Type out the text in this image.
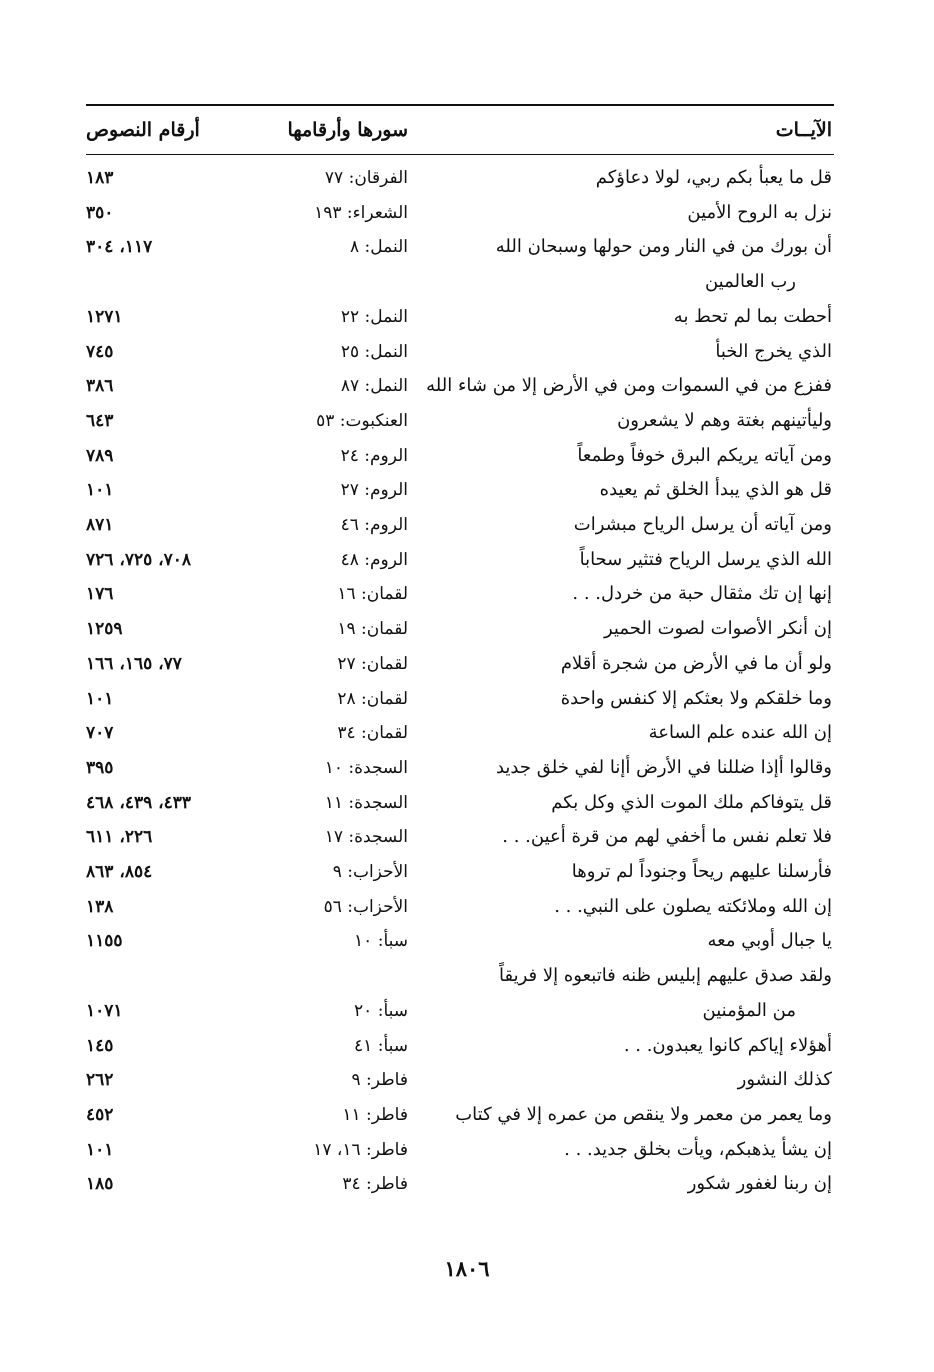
الآيــات
سورها وأرقامها
أرقام النصوص
قل ما يعبأ بكم ربي، لولا دعاؤكم
الفرقان: ٧٧
١٨٣
نزل به الروح الأمين
الشعراء: ١٩٣
٣٥٠
أن بورك من في النار ومن حولها وسبحان الله
رب العالمين
النمل: ٨
١١٧، ٣٠٤
أحطت بما لم تحط به
النمل: ٢٢
١٢٧١
الذي يخرج الخبأ
النمل: ٢٥
٧٤٥
ففزع من في السموات ومن في الأرض إلا من شاء الله
النمل: ٨٧
٣٨٦
وليأتينهم بغتة وهم لا يشعرون
العنكبوت: ٥٣
٦٤٣
ومن آياته يريكم البرق خوفاً وطمعاً
الروم: ٢٤
٧٨٩
قل هو الذي يبدأ الخلق ثم يعيده
الروم: ٢٧
١٠١
ومن آياته أن يرسل الرياح مبشرات
الروم: ٤٦
٨٧١
الله الذي يرسل الرياح فتثير سحاباً
الروم: ٤٨
٧٠٨، ٧٢٥، ٧٢٦
إنها إن تك مثقال حبة من خردل. . .
لقمان: ١٦
١٧٦
إن أنكر الأصوات لصوت الحمير
لقمان: ١٩
١٢٥٩
ولو أن ما في الأرض من شجرة أقلام
لقمان: ٢٧
٧٧، ١٦٥، ١٦٦
وما خلقكم ولا بعثكم إلا كنفس واحدة
لقمان: ٢٨
١٠١
إن الله عنده علم الساعة
لقمان: ٣٤
٧٠٧
وقالوا أإذا ضللنا في الأرض أإنا لفي خلق جديد
السجدة: ١٠
٣٩٥
قل يتوفاكم ملك الموت الذي وكل بكم
السجدة: ١١
٤٣٣، ٤٣٩، ٤٦٨
فلا تعلم نفس ما أخفي لهم من قرة أعين. . .
السجدة: ١٧
٢٢٦، ٦١١
فأرسلنا عليهم ريحاً وجنوداً لم تروها
الأحزاب: ٩
٨٥٤، ٨٦٣
إن الله وملائكته يصلون على النبي. . .
الأحزاب: ٥٦
١٣٨
يا جبال أوبي معه
سبأ: ١٠
١١٥٥
ولقد صدق عليهم إبليس ظنه فاتبعوه إلا فريقاً
من المؤمنين
سبأ: ٢٠
١٠٧١
أهؤلاء إياكم كانوا يعبدون. . .
سبأ: ٤١
١٤٥
كذلك النشور
فاطر: ٩
٢٦٢
وما يعمر من معمر ولا ينقص من عمره إلا في كتاب
فاطر: ١١
٤٥٢
إن يشأ يذهبكم، ويأت بخلق جديد. . .
فاطر: ١٦، ١٧
١٠١
إن ربنا لغفور شكور
فاطر: ٣٤
١٨٥
١٨٠٦
